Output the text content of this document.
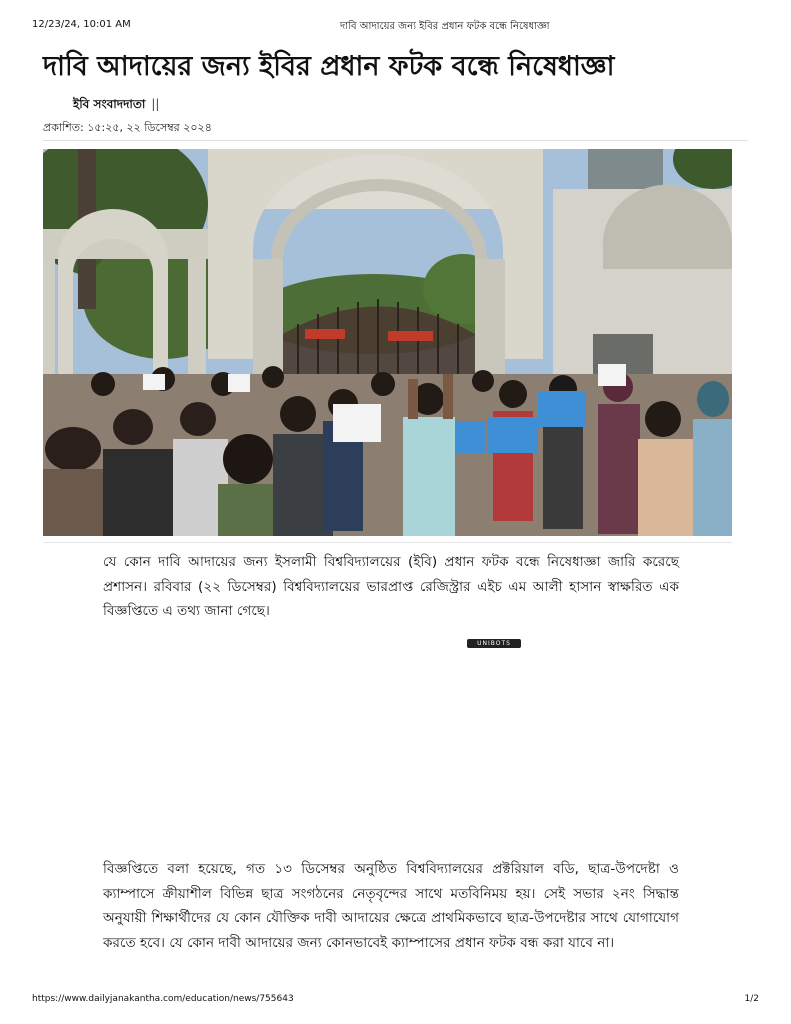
12/23/24, 10:01 AM	দাবি আদায়ের জন্য ইবির প্রধান ফটক বন্ধে নিষেধাজ্ঞা
দাবি আদায়ের জন্য ইবির প্রধান ফটক বন্ধে নিষেধাজ্ঞা
ইবি সংবাদদাতা ||
প্রকাশিত: ১৫:২৫, ২২ ডিসেম্বর ২০২৪
যে কোন দাবি আদায়ের জন্য ইসলামী বিশ্ববিদ্যালয়ের (ইবি) প্রধান ফটক বন্ধে নিষেধাজ্ঞা জারি করেছে প্রশাসন। রবিবার (২২ ডিসেম্বর) বিশ্ববিদ্যালয়ের ভারপ্রাপ্ত রেজিস্ট্রার এইচ এম আলী হাসান স্বাক্ষরিত এক বিজ্ঞপ্তিতে এ তথ্য জানা গেছে।
UNIBOTS
বিজ্ঞপ্তিতে বলা হয়েছে, গত ১৩ ডিসেম্বর অনুষ্ঠিত বিশ্ববিদ্যালয়ের প্রক্টরিয়াল বডি, ছাত্র-উপদেষ্টা ও ক্যাম্পাসে ক্রীয়াশীল বিভিন্ন ছাত্র সংগঠনের নেতৃবৃন্দের সাথে মতবিনিময় হয়। সেই সভার ২নং সিদ্ধান্ত অনুযায়ী শিক্ষার্থীদের যে কোন যৌক্তিক দাবী আদায়ের ক্ষেত্রে প্রাথমিকভাবে ছাত্র-উপদেষ্টার সাথে যোগাযোগ করতে হবে। যে কোন দাবী আদায়ের জন্য কোনভাবেই ক্যাম্পাসের প্রধান ফটক বন্ধ করা যাবে না।
https://www.dailyjanakantha.com/education/news/755643	1/2
